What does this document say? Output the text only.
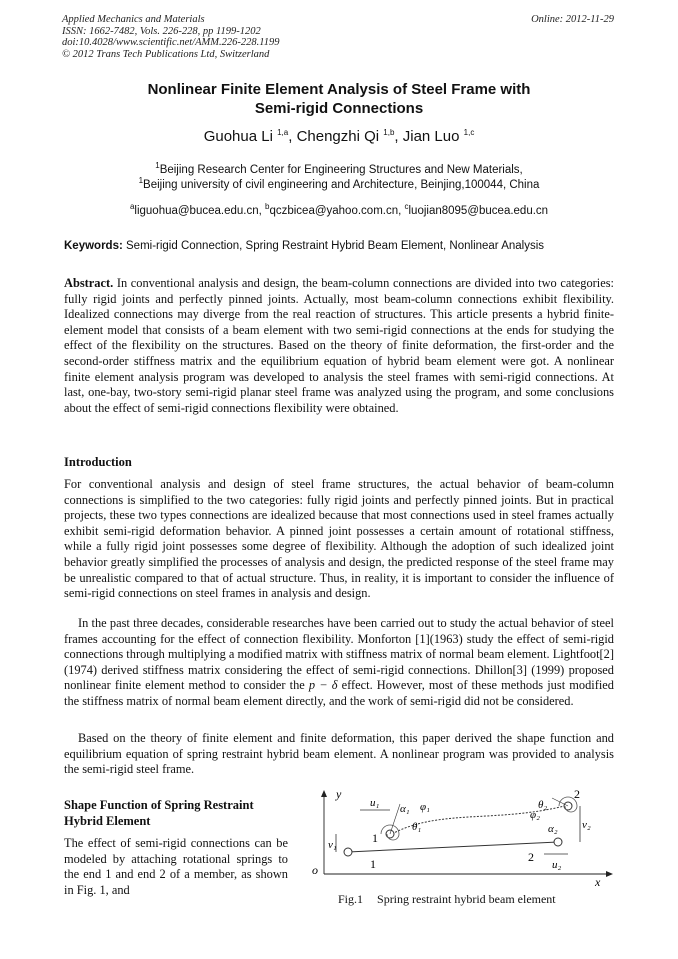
Applied Mechanics and Materials
ISSN: 1662-7482, Vols. 226-228, pp 1199-1202
doi:10.4028/www.scientific.net/AMM.226-228.1199
© 2012 Trans Tech Publications Ltd, Switzerland
Online: 2012-11-29
Nonlinear Finite Element Analysis of Steel Frame with
Semi-rigid Connections
Guohua Li $^{1,a}$, Chengzhi Qi $^{1,b}$, Jian Luo $^{1,c}$
$^1$Beijing Research Center for Engineering Structures and New Materials,
$^1$Beijing university of civil engineering and Architecture, Beinjing,100044, China
$^a$liguohua@bucea.edu.cn, $^b$qczbicea@yahoo.com.cn, $^c$luojian8095@bucea.edu.cn
Keywords: Semi-rigid Connection, Spring Restraint Hybrid Beam Element, Nonlinear Analysis
Abstract. In conventional analysis and design, the beam-column connections are divided into two categories: fully rigid joints and perfectly pinned joints. Actually, most beam-column connections exhibit flexibility. Idealized connections may diverge from the real reaction of structures. This article presents a hybrid finite-element model that consists of a beam element with two semi-rigid connections at the ends for studying the effect of the flexibility on the structures. Based on the theory of finite deformation, the first-order and the second-order stiffness matrix and the equilibrium equation of hybrid beam element were got. A nonlinear finite element analysis program was developed to analysis the steel frames with semi-rigid connections. At last, one-bay, two-story semi-rigid planar steel frame was analyzed using the program, and some conclusions about the effect of semi-rigid connections flexibility were obtained.
Introduction
For conventional analysis and design of steel frame structures, the actual behavior of beam-column connections is simplified to the two categories: fully rigid joints and perfectly pinned joints. But in practical projects, these two types connections are idealized because that most connections used in steel frames actually exhibit semi-rigid deformation behavior. A pinned joint possesses a certain amount of rotational stiffness, while a fully rigid joint possesses some degree of flexibility. Although the adoption of such idealized joint behavior greatly simplified the processes of analysis and design, the predicted response of the steel frame may be unrealistic compared to that of actual structure. Thus, in reality, it is important to consider the influence of semi-rigid connections on steel frames in analysis and design.
In the past three decades, considerable researches have been carried out to study the actual behavior of steel frames accounting for the effect of connection flexibility. Monforton [1](1963) study the effect of semi-rigid connections through multiplying a modified matrix with stiffness matrix of normal beam element. Lightfoot[2] (1974) derived stiffness matrix considering the effect of semi-rigid connections. Dhillon[3] (1999) proposed nonlinear finite element method to consider the p − δ effect. However, most of these methods just modified the stiffness matrix of normal beam element directly, and the work of semi-rigid did not be considered.
Based on the theory of finite element and finite deformation, this paper derived the shape function and equilibrium equation of spring restraint hybrid beam element. A nonlinear program was provided to analysis the semi-rigid steel frame.
Shape Function of Spring Restraint Hybrid Element
The effect of semi-rigid connections can be modeled by attaching rotational springs to the end 1 and end 2 of a member, as shown in Fig. 1, and
y
x
o	1	2
1
2
u₁
v₁
u₂
v₂
α₁ φ₁
θ₁
φ₂
θ₂
α₂
Fig.1 Spring restraint hybrid beam element
